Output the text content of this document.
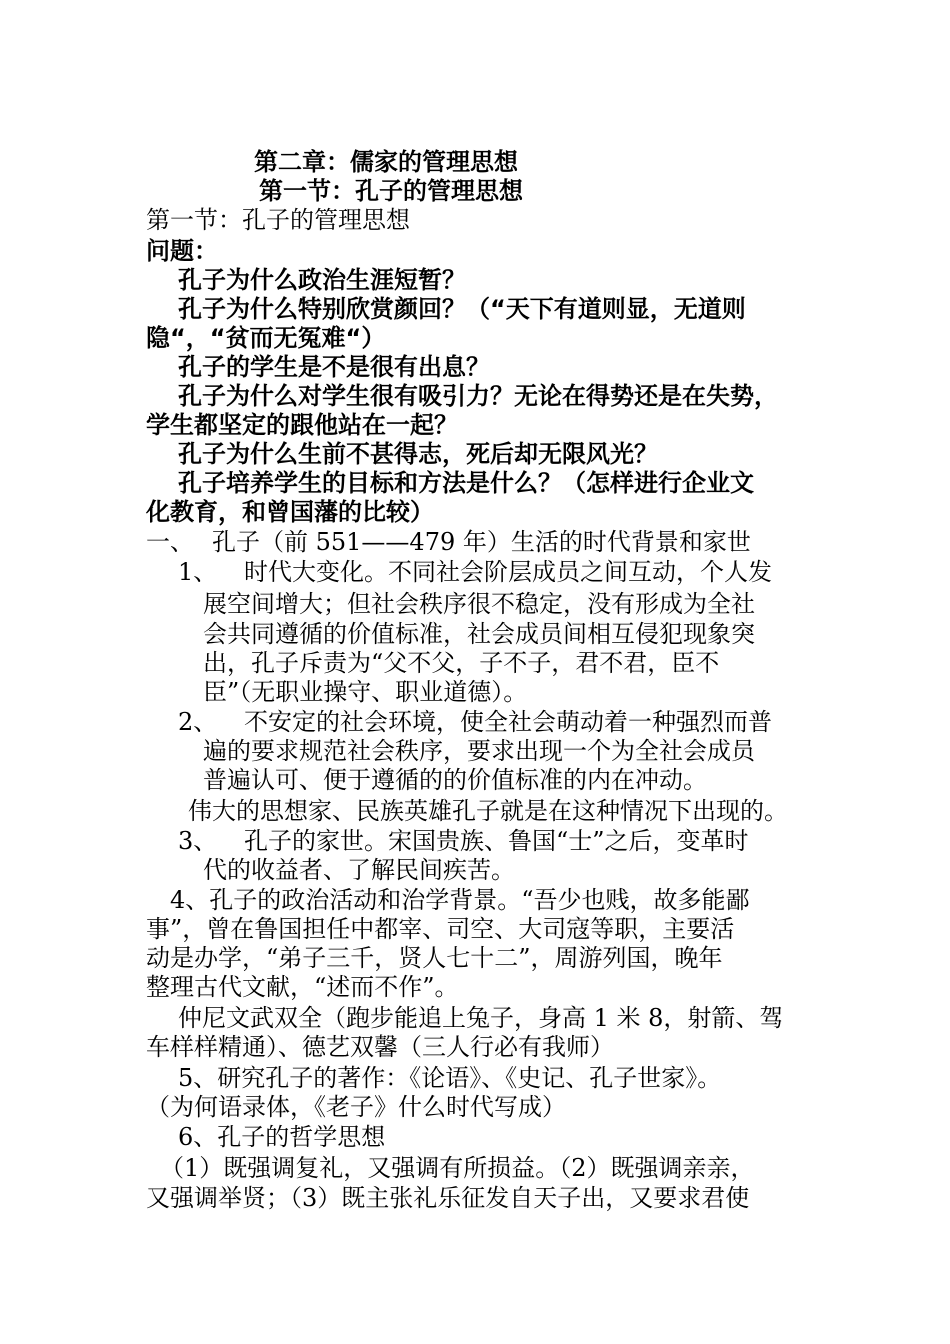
第二章：儒家的管理思想
第一节：孔子的管理思想
第一节：孔子的管理思想
问题：
孔子为什么政治生涯短暂？
孔子为什么特别欣赏颜回？（“天下有道则显，无道则
隐“，“贫而无冤难“）
孔子的学生是不是很有出息？
孔子为什么对学生很有吸引力？无论在得势还是在失势，
学生都坚定的跟他站在一起？
孔子为什么生前不甚得志，死后却无限风光？
孔子培养学生的目标和方法是什么？（怎样进行企业文
化教育，和曾国藩的比较）
一、 孔子（前 551——479 年）生活的时代背景和家世
1、 时代大变化。不同社会阶层成员之间互动，个人发
展空间增大；但社会秩序很不稳定，没有形成为全社
会共同遵循的价值标准，社会成员间相互侵犯现象突
出，孔子斥责为“父不父，子不子，君不君，臣不
臣”（无职业操守、职业道德）。
2、 不安定的社会环境，使全社会萌动着一种强烈而普
遍的要求规范社会秩序，要求出现一个为全社会成员
普遍认可、便于遵循的的价值标准的内在冲动。
伟大的思想家、民族英雄孔子就是在这种情况下出现的。
3、 孔子的家世。宋国贵族、鲁国“士”之后，变革时
代的收益者、了解民间疾苦。
4、孔子的政治活动和治学背景。“吾少也贱，故多能鄙
事”，曾在鲁国担任中都宰、司空、大司寇等职，主要活
动是办学，“弟子三千，贤人七十二”，周游列国，晚年
整理古代文献，“述而不作”。
仲尼文武双全（跑步能追上兔子，身高 1 米 8，射箭、驾
车样样精通）、德艺双馨（三人行必有我师）
5、研究孔子的著作：《论语》、《史记、孔子世家》。
（为何语录体，《老子》什么时代写成）
6、孔子的哲学思想
（1）既强调复礼，又强调有所损益。（2）既强调亲亲，
又强调举贤；（3）既主张礼乐征发自天子出，又要求君使
